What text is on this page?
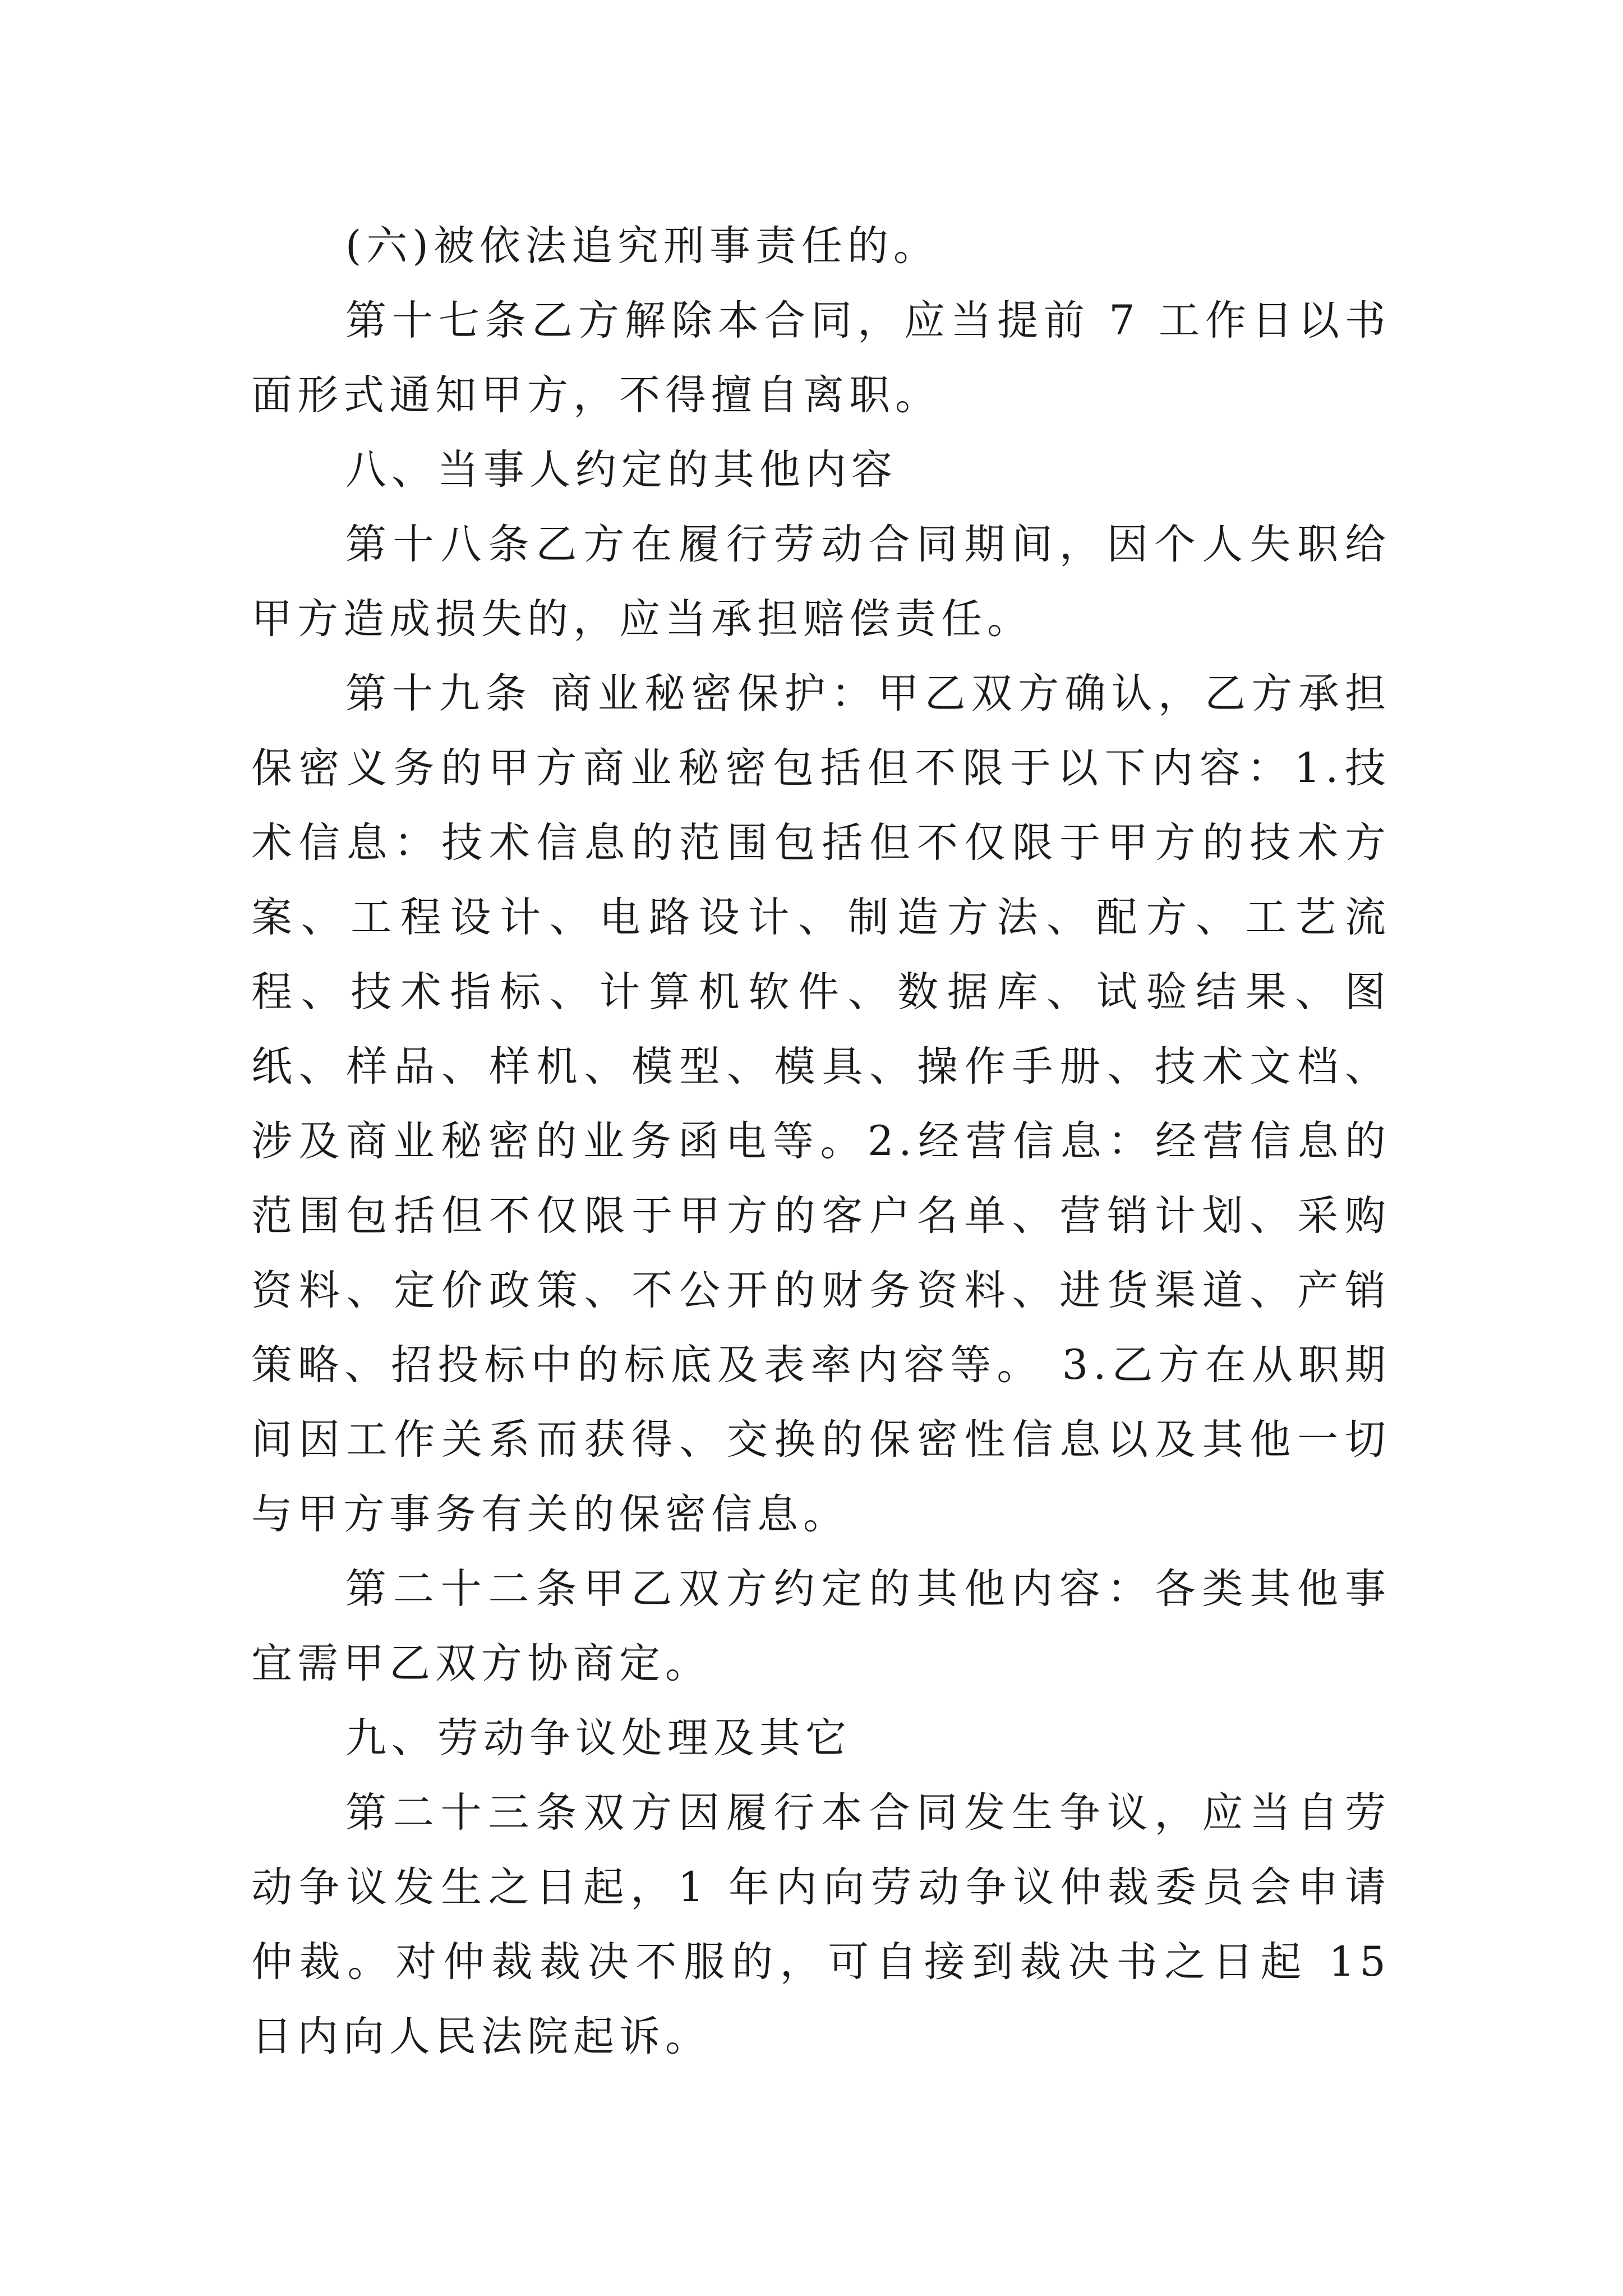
(六)被依法追究刑事责任的。

第十七条乙方解除本合同，应当提前 7 工作日以书面形式通知甲方，不得擅自离职。

八、当事人约定的其他内容

第十八条乙方在履行劳动合同期间，因个人失职给甲方造成损失的，应当承担赔偿责任。

第十九条 商业秘密保护：甲乙双方确认，乙方承担保密义务的甲方商业秘密包括但不限于以下内容：1.技术信息：技术信息的范围包括但不仅限于甲方的技术方案、工程设计、电路设计、制造方法、配方、工艺流程、技术指标、计算机软件、数据库、试验结果、图纸、样品、样机、模型、模具、操作手册、技术文档、涉及商业秘密的业务函电等。2.经营信息：经营信息的范围包括但不仅限于甲方的客户名单、营销计划、采购资料、定价政策、不公开的财务资料、进货渠道、产销策略、招投标中的标底及表率内容等。 3.乙方在从职期间因工作关系而获得、交换的保密性信息以及其他一切与甲方事务有关的保密信息。

第二十二条甲乙双方约定的其他内容：各类其他事宜需甲乙双方协商定。

九、劳动争议处理及其它

第二十三条双方因履行本合同发生争议，应当自劳动争议发生之日起，1 年内向劳动争议仲裁委员会申请仲裁。对仲裁裁决不服的，可自接到裁决书之日起 15 日内向人民法院起诉。
